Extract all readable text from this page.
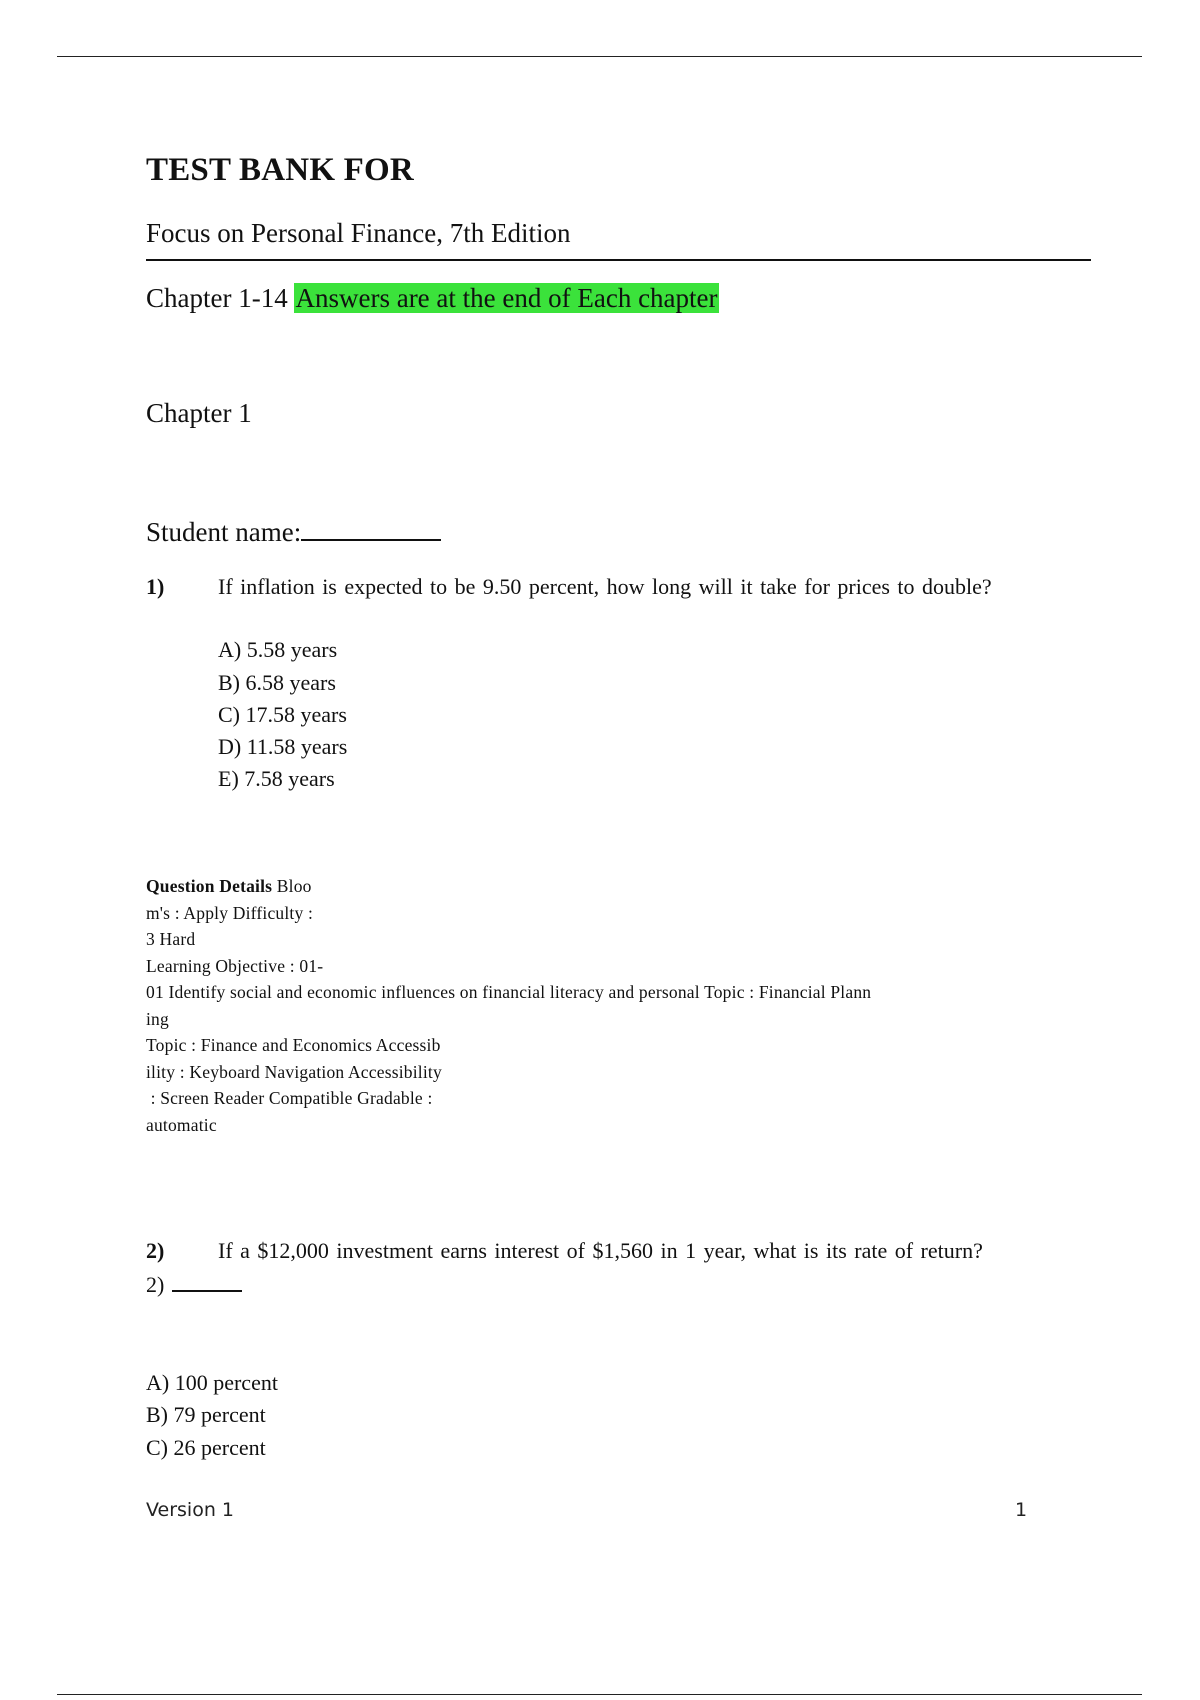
TEST BANK FOR
Focus on Personal Finance, 7th Edition
Chapter 1-14 Answers are at the end of Each chapter
Chapter 1
Student name:
1) If inflation is expected to be 9.50 percent, how long will it take for prices to double?
A) 5.58 years
B) 6.58 years
C) 17.58 years
D) 11.58 years
E) 7.58 years
Question Details Bloo
m's : Apply Difficulty :
3 Hard
Learning Objective : 01-
01 Identify social and economic influences on financial literacy and personal Topic : Financial Plann
ing
Topic : Finance and Economics Accessib
ility : Keyboard Navigation Accessibility
: Screen Reader Compatible Gradable :
automatic
2) If a $12,000 investment earns interest of $1,560 in 1 year, what is its rate of return?
2)
A) 100 percent
B) 79 percent
C) 26 percent
Version 1	1
